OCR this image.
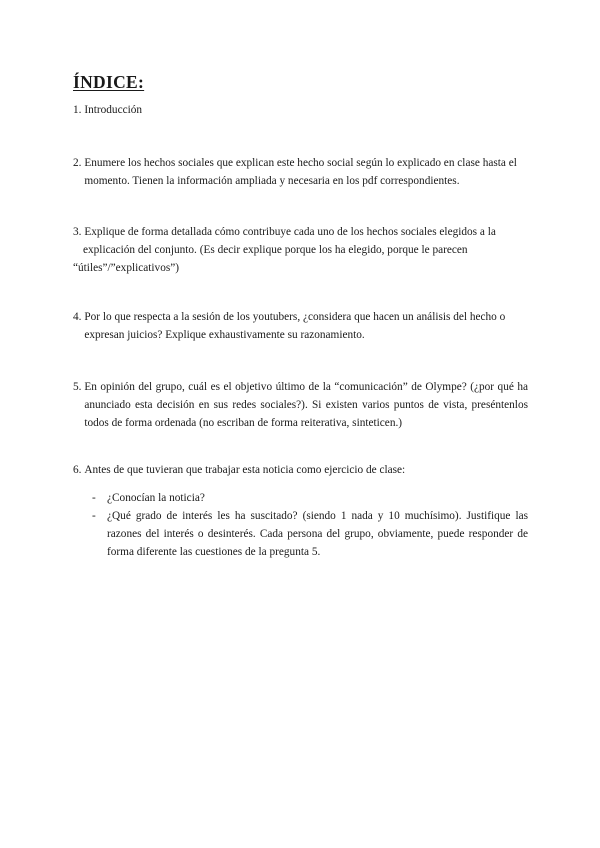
ÍNDICE:
1.
Introducción
2.
Enumere los hechos sociales que explican este hecho social según lo explicado en clase hasta el momento. Tienen la información ampliada y necesaria en los pdf correspondientes.
3. Explique de forma detallada cómo contribuye cada uno de los hechos sociales elegidos a la
explicación del conjunto. (Es decir explique porque los ha elegido, porque le parecen
“útiles”/”explicativos”)
4.
Por lo que respecta a la sesión de los youtubers, ¿considera que hacen un análisis del hecho o expresan juicios? Explique exhaustivamente su razonamiento.
5.
En opinión del grupo, cuál es el objetivo último de la “comunicación” de Olympe? (¿por qué ha anunciado esta decisión en sus redes sociales?). Si existen varios puntos de vista, preséntenlos todos de forma ordenada (no escriban de forma reiterativa, sinteticen.)
6.
Antes de que tuvieran que trabajar esta noticia como ejercicio de clase:
- ¿Conocían la noticia?
- ¿Qué grado de interés les ha suscitado? (siendo 1 nada y 10 muchísimo). Justifique las razones del interés o desinterés. Cada persona del grupo, obviamente, puede responder de forma diferente las cuestiones de la pregunta 5.
